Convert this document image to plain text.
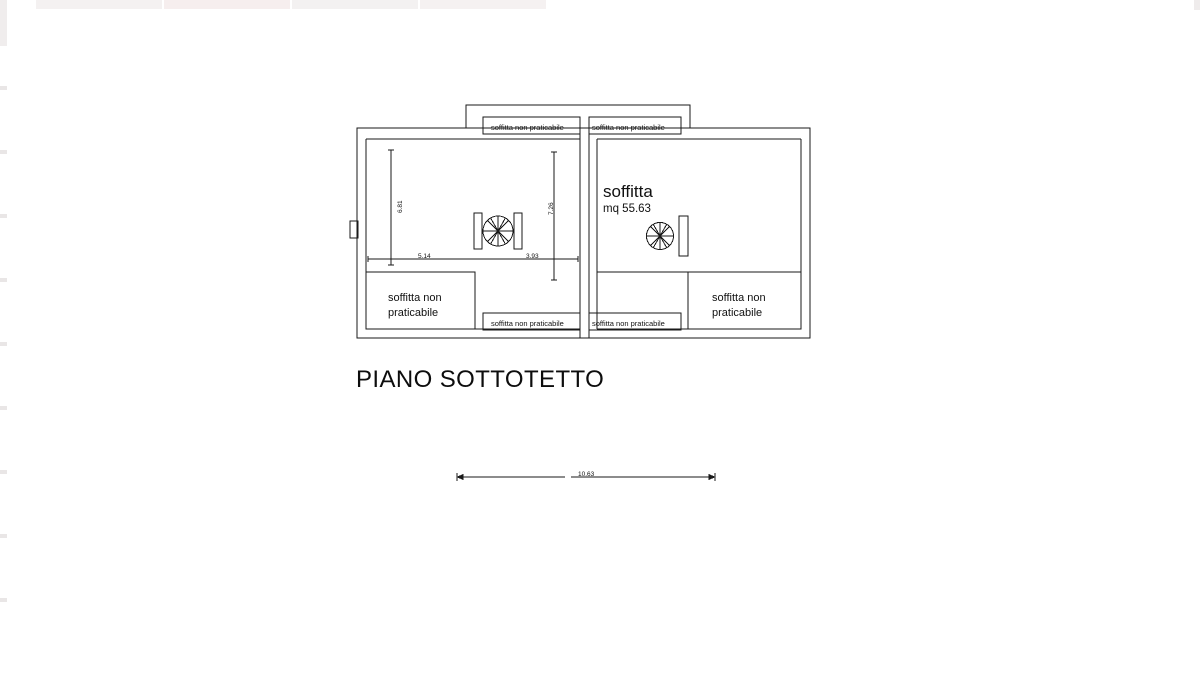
soffitta
mq 55.63
soffitta non
praticabile
soffitta non
praticabile
soffitta non praticabile	soffitta non praticabile
soffitta non praticabile	soffitta non praticabile
6.81	7.26
5.14	3.93
10.63
PIANO SOTTOTETTO
